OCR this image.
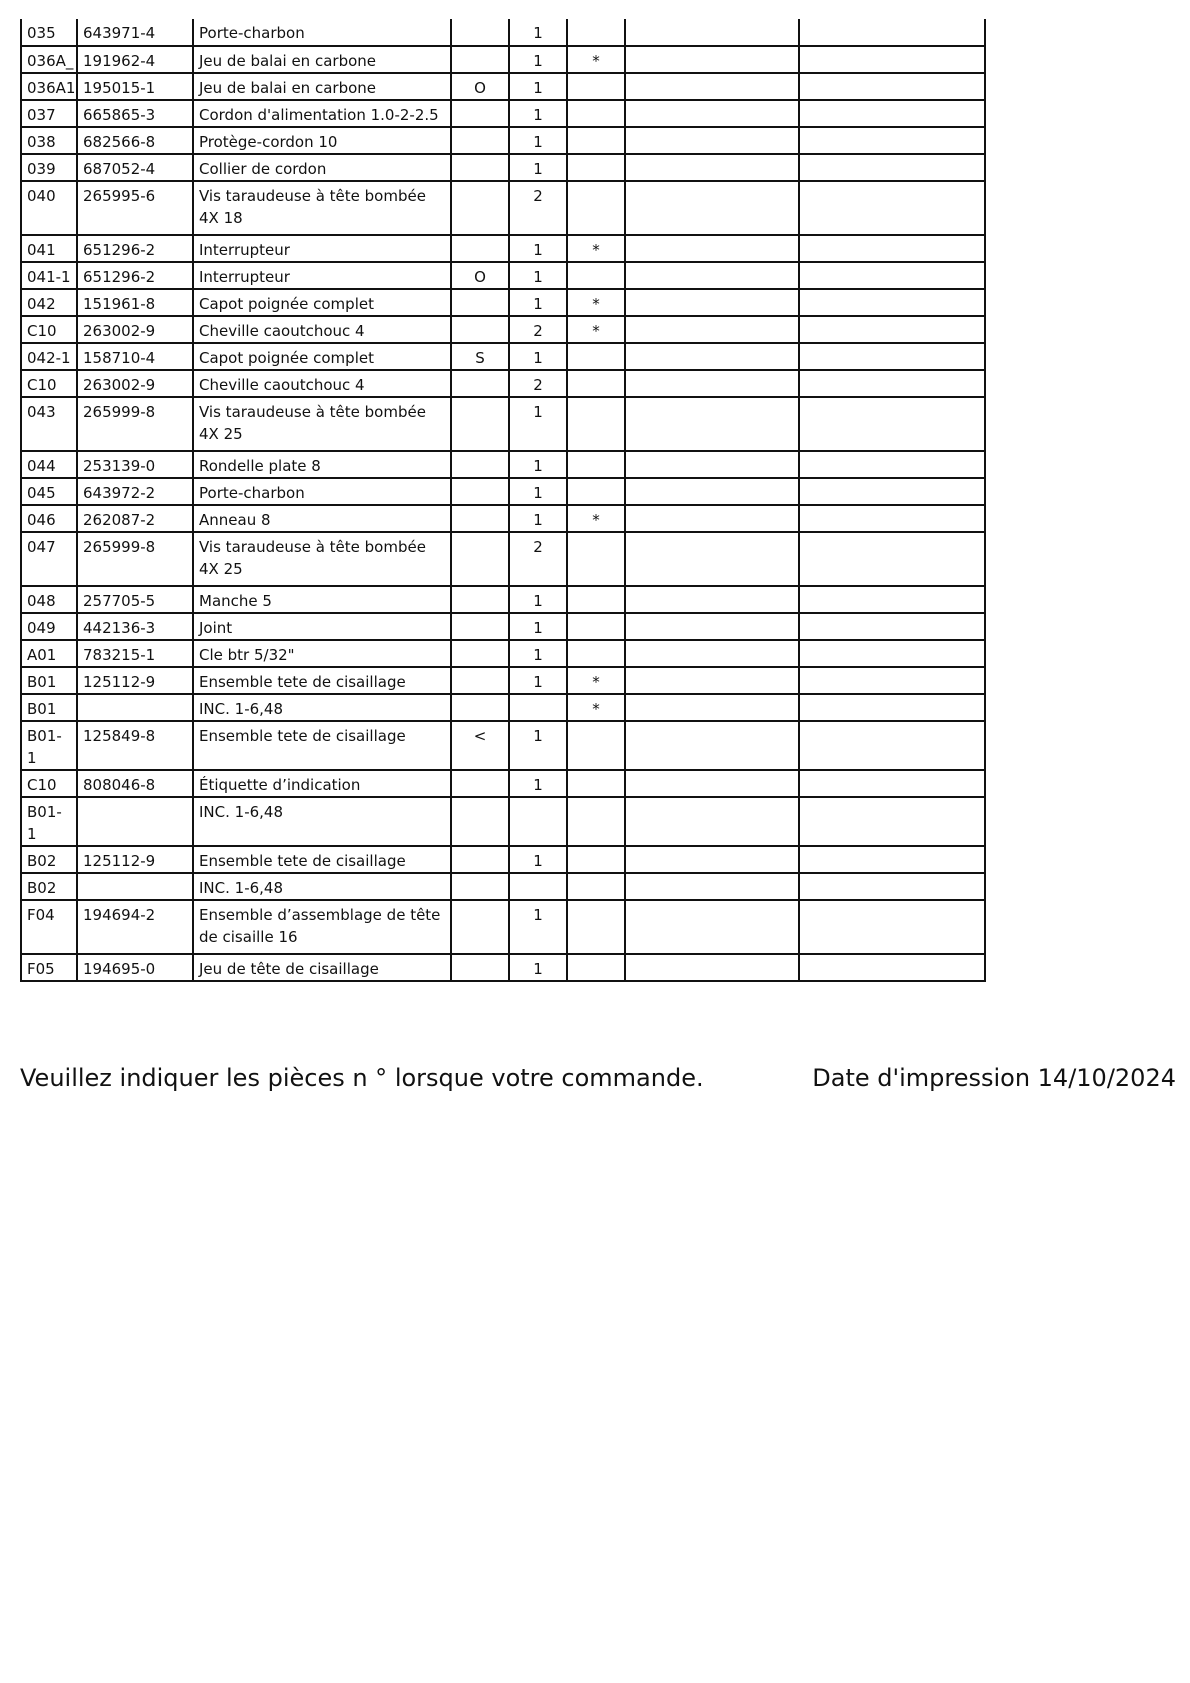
035	643971-4	Porte-charbon		1			
036A_	191962-4	Jeu de balai en carbone		1	*		
036A1	195015-1	Jeu de balai en carbone	O	1			
037	665865-3	Cordon d'alimentation 1.0-2-2.5		1			
038	682566-8	Protège-cordon 10		1			
039	687052-4	Collier de cordon		1			
040	265995-6	Vis taraudeuse à tête bombée 4X 18		2			
041	651296-2	Interrupteur		1	*		
041-1	651296-2	Interrupteur	O	1			
042	151961-8	Capot poignée complet		1	*		
C10	263002-9	Cheville caoutchouc 4		2	*		
042-1	158710-4	Capot poignée complet	S	1			
C10	263002-9	Cheville caoutchouc 4		2			
043	265999-8	Vis taraudeuse à tête bombée 4X 25		1			
044	253139-0	Rondelle plate 8		1			
045	643972-2	Porte-charbon		1			
046	262087-2	Anneau 8		1	*		
047	265999-8	Vis taraudeuse à tête bombée 4X 25		2			
048	257705-5	Manche 5		1			
049	442136-3	Joint		1			
A01	783215-1	Cle btr 5/32"		1			
B01	125112-9	Ensemble tete de cisaillage		1	*		
B01		INC. 1-6,48			*		
B01-1	125849-8	Ensemble tete de cisaillage	<	1			
C10	808046-8	Étiquette d’indication		1			
B01-1		INC. 1-6,48					
B02	125112-9	Ensemble tete de cisaillage		1			
B02		INC. 1-6,48					
F04	194694-2	Ensemble d’assemblage de tête de cisaille 16		1			
F05	194695-0	Jeu de tête de cisaillage		1			
Veuillez indiquer les pièces n ° lorsque votre commande.	Date d'impression 14/10/2024
